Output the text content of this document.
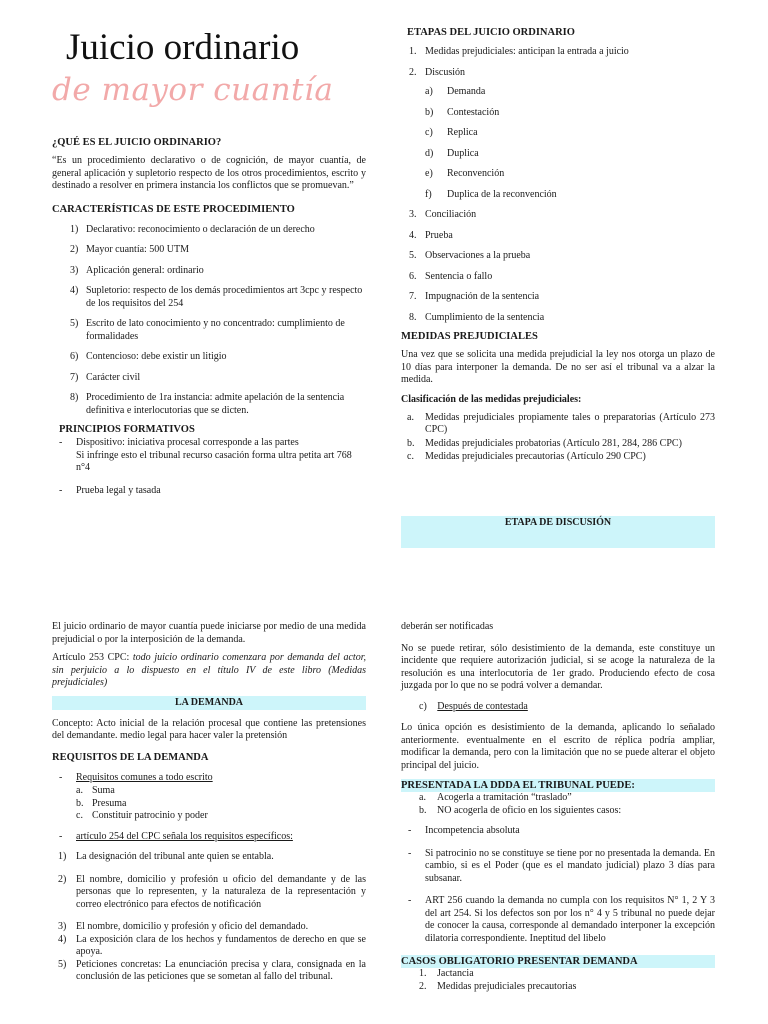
Juicio ordinario
de mayor cuantía
¿QUÉ ES EL JUICIO ORDINARIO?

“Es un procedimiento declarativo o de cognición, de mayor cuantía, de general aplicación y supletorio respecto de los otros procedimientos, escrito y destinado a resolver en primera instancia los conflictos que se promuevan.”

CARACTERÍSTICAS DE ESTE PROCEDIMIENTO
1) Declarativo: reconocimiento o declaración de un derecho
2) Mayor cuantía: 500 UTM
3) Aplicación general: ordinario
4) Supletorio: respecto de los demás procedimientos art 3cpc y respecto de los requisitos del 254
5) Escrito de lato conocimiento y no concentrado: cumplimiento de formalidades
6) Contencioso: debe existir un litigio
7) Carácter civil
8) Procedimiento de 1ra instancia: admite apelación de la sentencia definitiva e interlocutorias que se dicten.
PRINCIPIOS FORMATIVOS
- Dispositivo: iniciativa procesal corresponde a las partes
Si infringe esto el tribunal recurso casación forma ultra petita art 768 n°4
- Prueba legal y tasada
ETAPAS DEL JUICIO ORDINARIO
1. Medidas prejudiciales: anticipan la entrada a juicio
2. Discusión
a) Demanda
b) Contestación
c) Replica
d) Duplica
e) Reconvención
f) Duplica de la reconvención
3. Conciliación
4. Prueba
5. Observaciones a la prueba
6. Sentencia o fallo
7. Impugnación de la sentencia
8. Cumplimiento de la sentencia
MEDIDAS PREJUDICIALES

Una vez que se solicita una medida prejudicial la ley nos otorga un plazo de 10 días para interponer la demanda. De no ser así el tribunal va a alzar la medida.

Clasificación de las medidas prejudiciales:
a. Medidas prejudiciales propiamente tales o preparatorias (Artículo 273 CPC)
b. Medidas prejudiciales probatorias (Artículo 281, 284, 286 CPC)
c. Medidas prejudiciales precautorias (Artículo 290 CPC)
ETAPA DE DISCUSIÓN

El juicio ordinario de mayor cuantía puede iniciarse por medio de una medida prejudicial o por la interposición de la demanda.

Artículo 253 CPC: todo juicio ordinario comenzara por demanda del actor, sin perjuicio a lo dispuesto en el título IV de este libro (Medidas prejudiciales)

LA DEMANDA

Concepto: Acto inicial de la relación procesal que contiene las pretensiones del demandante. medio legal para hacer valer la pretensión

REQUISITOS DE LA DEMANDA
- Requisitos comunes a todo escrito
a. Suma
b. Presuma
c. Constituir patrocinio y poder
- artículo 254 del CPC señala los requisitos específicos:
1) La designación del tribunal ante quien se entabla.
2) El nombre, domicilio y profesión u oficio del demandante y de las personas que lo representen, y la naturaleza de la representación y correo electrónico para efectos de notificación
3) El nombre, domicilio y profesión y oficio del demandado.
4) La exposición clara de los hechos y fundamentos de derecho en que se apoya.
5) Peticiones concretas: La enunciación precisa y clara, consignada en la conclusión de las peticiones que se sometan al fallo del tribunal.

deberán ser notificadas

No se puede retirar, sólo desistimiento de la demanda, este constituye un incidente que requiere autorización judicial, si se acoge la naturaleza de la resolución es una interlocutoria de 1er grado. Produciendo efecto de cosa juzgada por lo que no se podrá volver a demandar.

c) Después de contestada

Lo única opción es desistimiento de la demanda, aplicando lo señalado anteriormente. eventualmente en el escrito de réplica podría ampliar, modificar la demanda, pero con la limitación que no se puede alterar el objeto principal del juicio.

PRESENTADA LA DDDA EL TRIBUNAL PUEDE:
a. Acogerla a tramitación “traslado”
b. NO acogerla de oficio en los siguientes casos:
- Incompetencia absoluta
- Si patrocinio no se constituye se tiene por no presentada la demanda. En cambio, si es el Poder (que es el mandato judicial) plazo 3 días para subsanar.
- ART 256 cuando la demanda no cumpla con los requisitos N° 1, 2 Y 3 del art 254. Si los defectos son por los n° 4 y 5 tribunal no puede dejar de conocer la causa, corresponde al demandado interponer la excepción dilatoria correspondiente. Ineptitud del libelo
CASOS OBLIGATORIO PRESENTAR DEMANDA
1. Jactancia
2. Medidas prejudiciales precautorias
